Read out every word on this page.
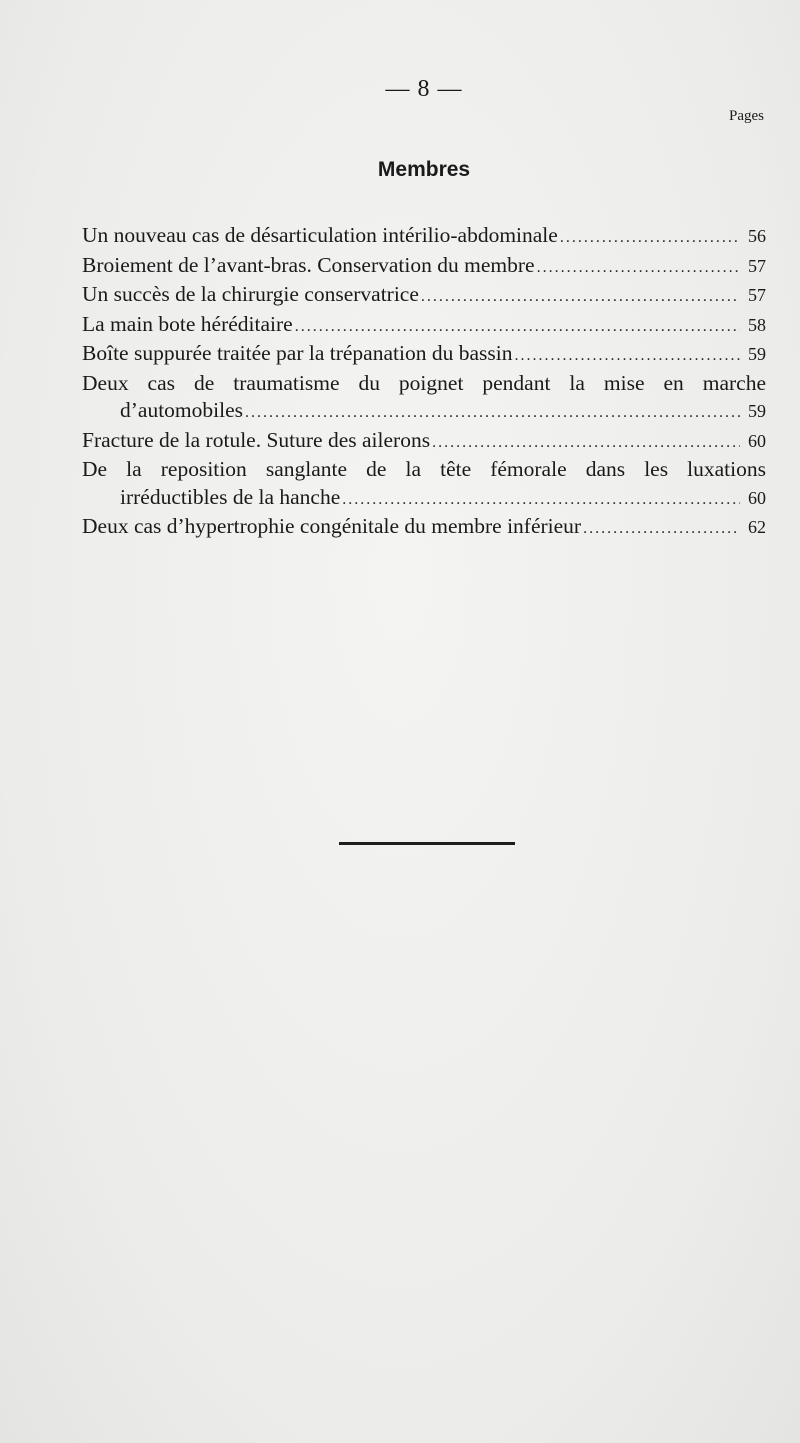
— 8 —
Pages
Membres
Un nouveau cas de désarticulation intérilio-abdominale .....	56
Broiement de l’avant-bras. Conservation du membre .....	57
Un succès de la chirurgie conservatrice .....	57
La main bote héréditaire .....	58
Boîte suppurée traitée par la trépanation du bassin .....	59
Deux cas de traumatisme du poignet pendant la mise en marche
d’automobiles .....	59
Fracture de la rotule. Suture des ailerons .....	60
De la reposition sanglante de la tête fémorale dans les luxations
irréductibles de la hanche .....	60
Deux cas d’hypertrophie congénitale du membre inférieur .....	62
